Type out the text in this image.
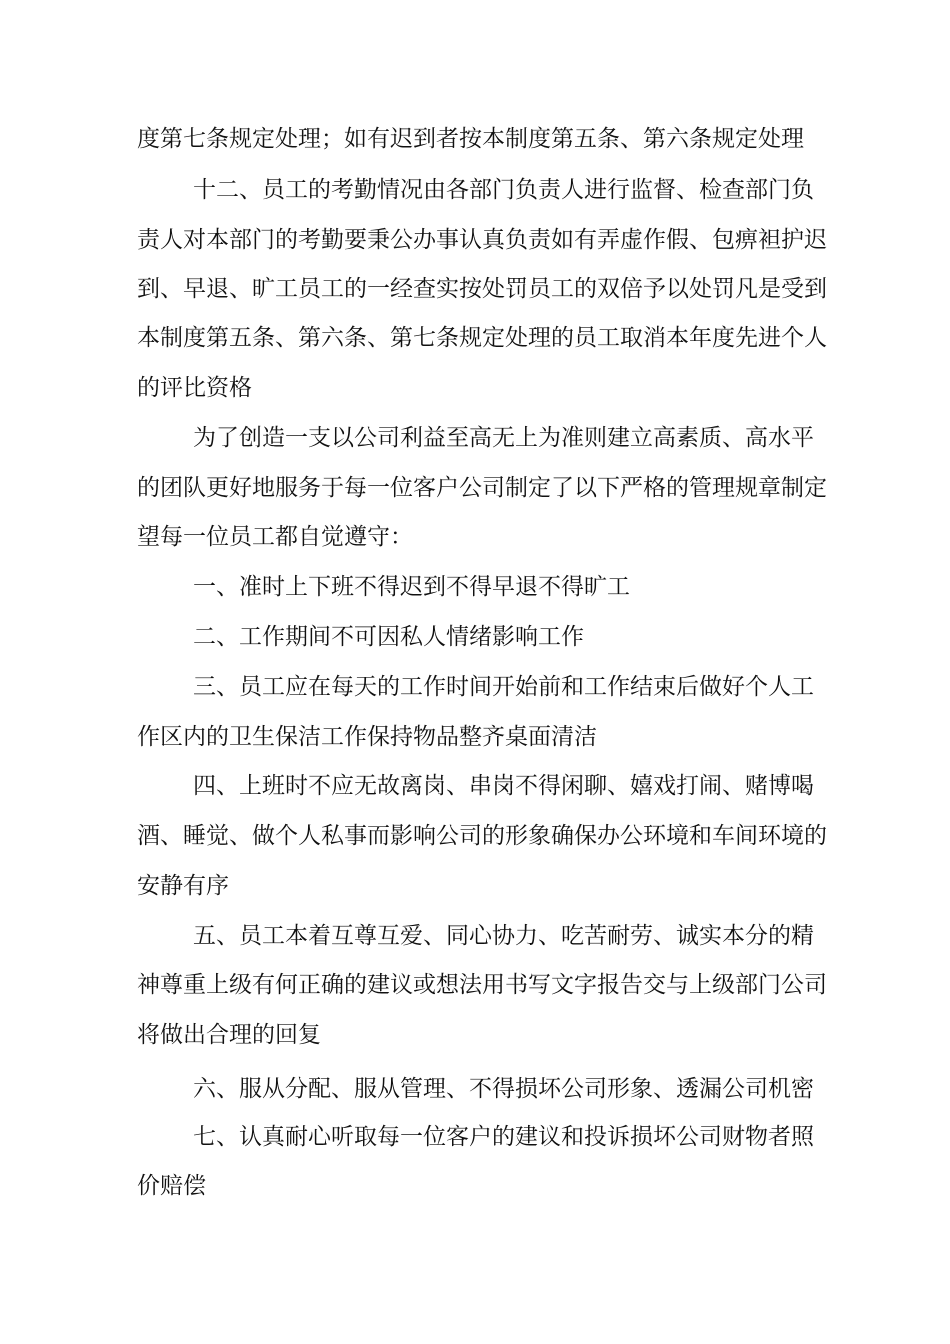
度第七条规定处理；如有迟到者按本制度第五条、第六条规定处理
十二、员工的考勤情况由各部门负责人进行监督、检查部门负
责人对本部门的考勤要秉公办事认真负责如有弄虚作假、包痹袒护迟
到、早退、旷工员工的一经查实按处罚员工的双倍予以处罚凡是受到
本制度第五条、第六条、第七条规定处理的员工取消本年度先进个人
的评比资格
为了创造一支以公司利益至高无上为准则建立高素质、高水平
的团队更好地服务于每一位客户公司制定了以下严格的管理规章制定
望每一位员工都自觉遵守：
一、准时上下班不得迟到不得早退不得旷工
二、工作期间不可因私人情绪影响工作
三、员工应在每天的工作时间开始前和工作结束后做好个人工
作区内的卫生保洁工作保持物品整齐桌面清洁
四、上班时不应无故离岗、串岗不得闲聊、嬉戏打闹、赌博喝
酒、睡觉、做个人私事而影响公司的形象确保办公环境和车间环境的
安静有序
五、员工本着互尊互爱、同心协力、吃苦耐劳、诚实本分的精
神尊重上级有何正确的建议或想法用书写文字报告交与上级部门公司
将做出合理的回复
六、服从分配、服从管理、不得损坏公司形象、透漏公司机密
七、认真耐心听取每一位客户的建议和投诉损坏公司财物者照
价赔偿
